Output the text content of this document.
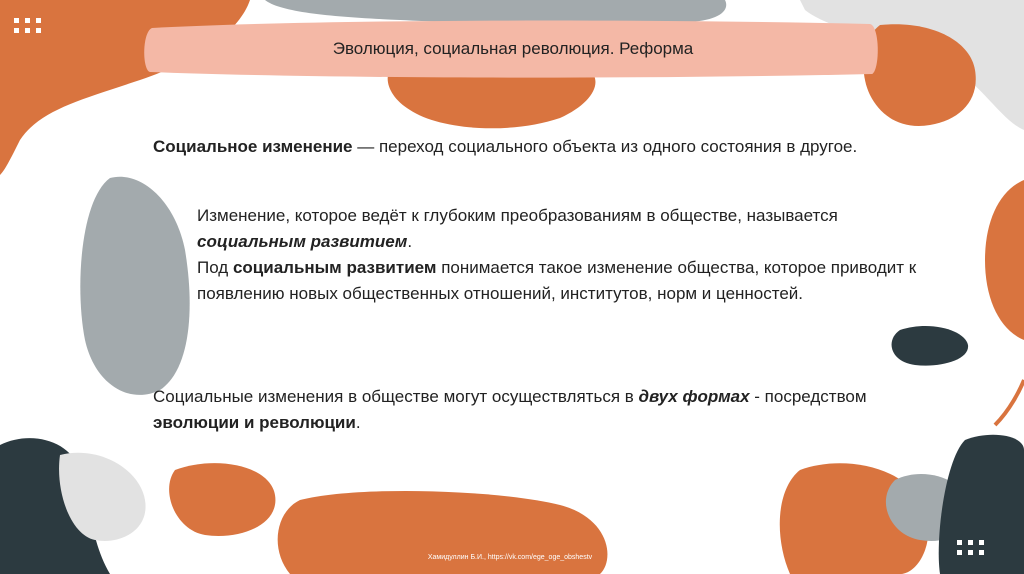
Эволюция, социальная революция. Реформа
Социальное изменение — переход социального объекта из одного состояния в другое.
Изменение, которое ведёт к глубоким преобразованиям в обществе, называется социальным развитием.
Под социальным развитием понимается такое изменение общества, которое приводит к появлению новых общественных отношений, институтов, норм и ценностей.
Социальные изменения в обществе могут осуществляться в двух формах - посредством эволюции и революции.
Хамидуллин Б.И., https://vk.com/ege_oge_obshestv
